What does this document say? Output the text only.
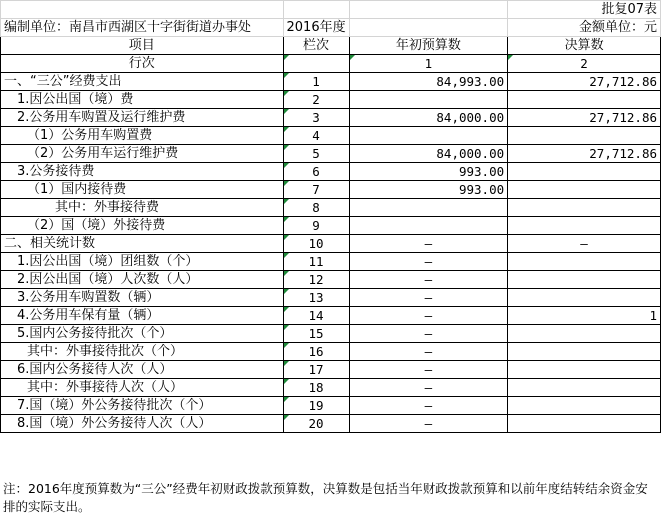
			批复07表
编制单位：南昌市西湖区十字街街道办事处	2016年度		金额单位：元
项目	栏次	年初预算数	决算数
行次		1	2
一、“三公”经费支出	1	84,993.00	27,712.86
1.因公出国（境）费	2		
2.公务用车购置及运行维护费	3	84,000.00	27,712.86
（1）公务用车购置费	4		
（2）公务用车运行维护费	5	84,000.00	27,712.86
3.公务接待费	6	993.00	
（1）国内接待费	7	993.00	
其中：外事接待费	8		
（2）国（境）外接待费	9		
二、相关统计数	10	—	—
1.因公出国（境）团组数（个）	11	—	
2.因公出国（境）人次数（人）	12	—	
3.公务用车购置数（辆）	13	—	
4.公务用车保有量（辆）	14	—	1
5.国内公务接待批次（个）	15	—	
其中：外事接待批次（个）	16	—	
6.国内公务接待人次（人）	17	—	
其中：外事接待人次（人）	18	—	
7.国（境）外公务接待批次（个）	19	—	
8.国（境）外公务接待人次（人）	20	—	
注：2016年度预算数为“三公”经费年初财政拨款预算数，决算数是包括当年财政拨款预算和以前年度结转结余资金安排的实际支出。
